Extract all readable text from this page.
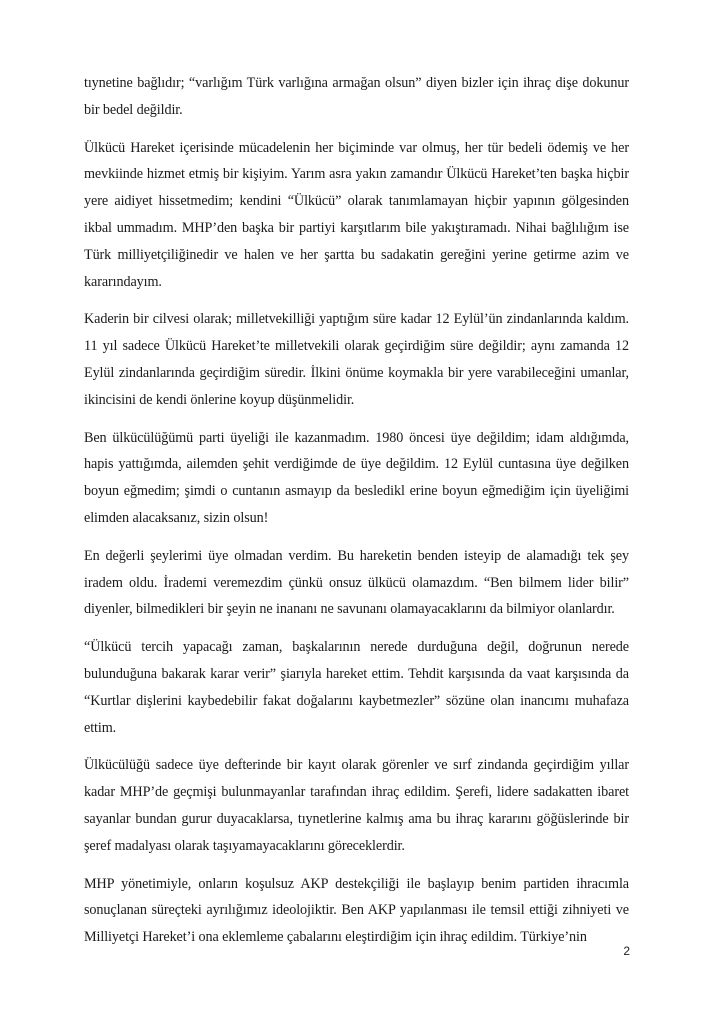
tıynetine bağlıdır; “varlığım Türk varlığına armağan olsun” diyen bizler için ihraç dişe dokunur bir bedel değildir.

Ülkücü Hareket içerisinde mücadelenin her biçiminde var olmuş, her tür bedeli ödemiş ve her mevkiinde hizmet etmiş bir kişiyim. Yarım asra yakın zamandır Ülkücü Hareket’ten başka hiçbir yere aidiyet hissetmedim; kendini “Ülkücü” olarak tanımlamayan hiçbir yapının gölgesinden ikbal ummadım. MHP’den başka bir partiyi karşıtlarım bile yakıştıramadı. Nihai bağlılığım ise Türk milliyetçiliğinedir ve halen ve her şartta bu sadakatin gereğini yerine getirme azim ve kararındayım.

Kaderin bir cilvesi olarak; milletvekilliği yaptığım süre kadar 12 Eylül’ün zindanlarında kaldım. 11 yıl sadece Ülkücü Hareket’te milletvekili olarak geçirdiğim süre değildir; aynı zamanda 12 Eylül zindanlarında geçirdiğim süredir. İlkini önüme koymakla bir yere varabileceğini umanlar, ikincisini de kendi önlerine koyup düşünmelidir.

Ben ülkücülüğümü parti üyeliği ile kazanmadım. 1980 öncesi üye değildim; idam aldığımda, hapis yattığımda, ailemden şehit verdiğimde de üye değildim. 12 Eylül cuntasına üye değilken boyun eğmedim; şimdi o cuntanın asmayıp da besledikl erine boyun eğmediğim için üyeliğimi elimden alacaksanız, sizin olsun!

En değerli şeylerimi üye olmadan verdim. Bu hareketin benden isteyip de alamadığı tek şey iradem oldu. İrademi veremezdim çünkü onsuz ülkücü olamazdım. “Ben bilmem lider bilir” diyenler, bilmedikleri bir şeyin ne inananı ne savunanı olamayacaklarını da bilmiyor olanlardır.

“Ülkücü tercih yapacağı zaman, başkalarının nerede durduğuna değil, doğrunun nerede bulunduğuna bakarak karar verir” şiarıyla hareket ettim. Tehdit karşısında da vaat karşısında da “Kurtlar dişlerini kaybedebilir fakat doğalarını kaybetmezler” sözüne olan inancımı muhafaza ettim.

Ülkücülüğü sadece üye defterinde bir kayıt olarak görenler ve sırf zindanda geçirdiğim yıllar kadar MHP’de geçmişi bulunmayanlar tarafından ihraç edildim. Şerefi, lidere sadakatten ibaret sayanlar bundan gurur duyacaklarsa, tıynetlerine kalmış ama bu ihraç kararını göğüslerinde bir şeref madalyası olarak taşıyamayacaklarını göreceklerdir.

MHP yönetimiyle, onların koşulsuz AKP destekçiliği ile başlayıp benim partiden ihracımla sonuçlanan süreçteki ayrılığımız ideolojiktir. Ben AKP yapılanması ile temsil ettiği zihniyeti ve Milliyetçi Hareket’i ona eklemleme çabalarını eleştirdiğim için ihraç edildim. Türkiye’nin

2
